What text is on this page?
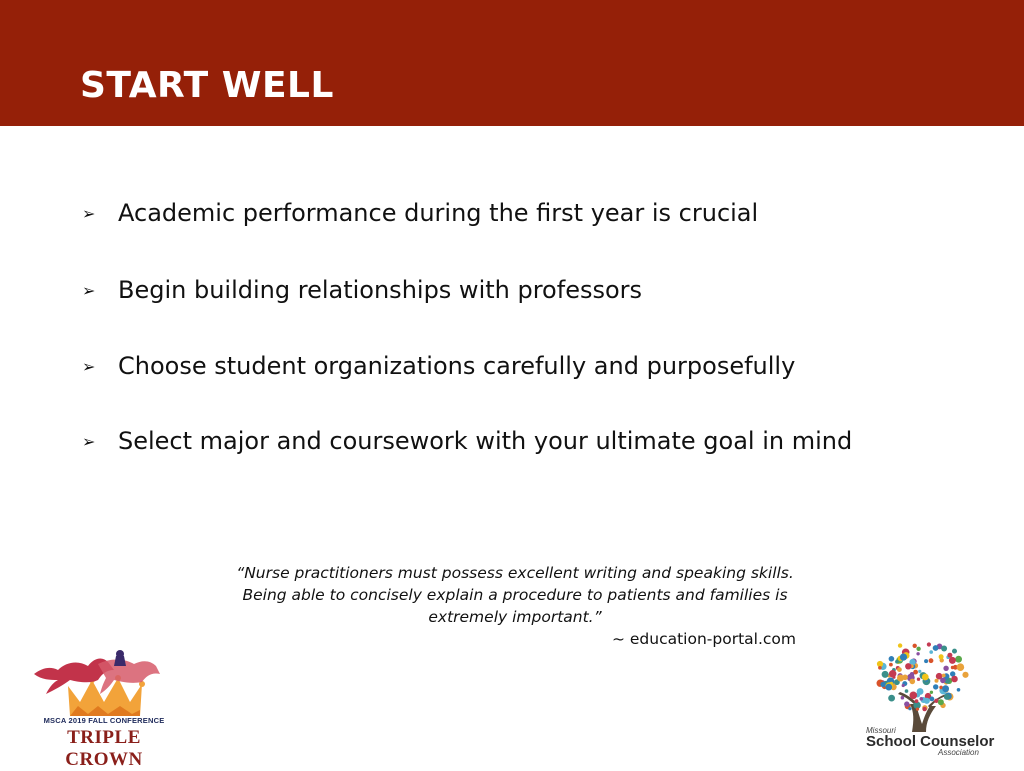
START WELL
➢ Academic performance during the first year is crucial
➢ Begin building relationships with professors
➢ Choose student organizations carefully and purposefully
➢ Select major and coursework with your ultimate goal in mind
“Nurse practitioners must possess excellent writing and speaking skills. Being able to concisely explain a procedure to patients and families is extremely important.”
~ education-portal.com
MSCA 2019 FALL CONFERENCE
TRIPLE CROWN
Missouri
School Counselor
Association
